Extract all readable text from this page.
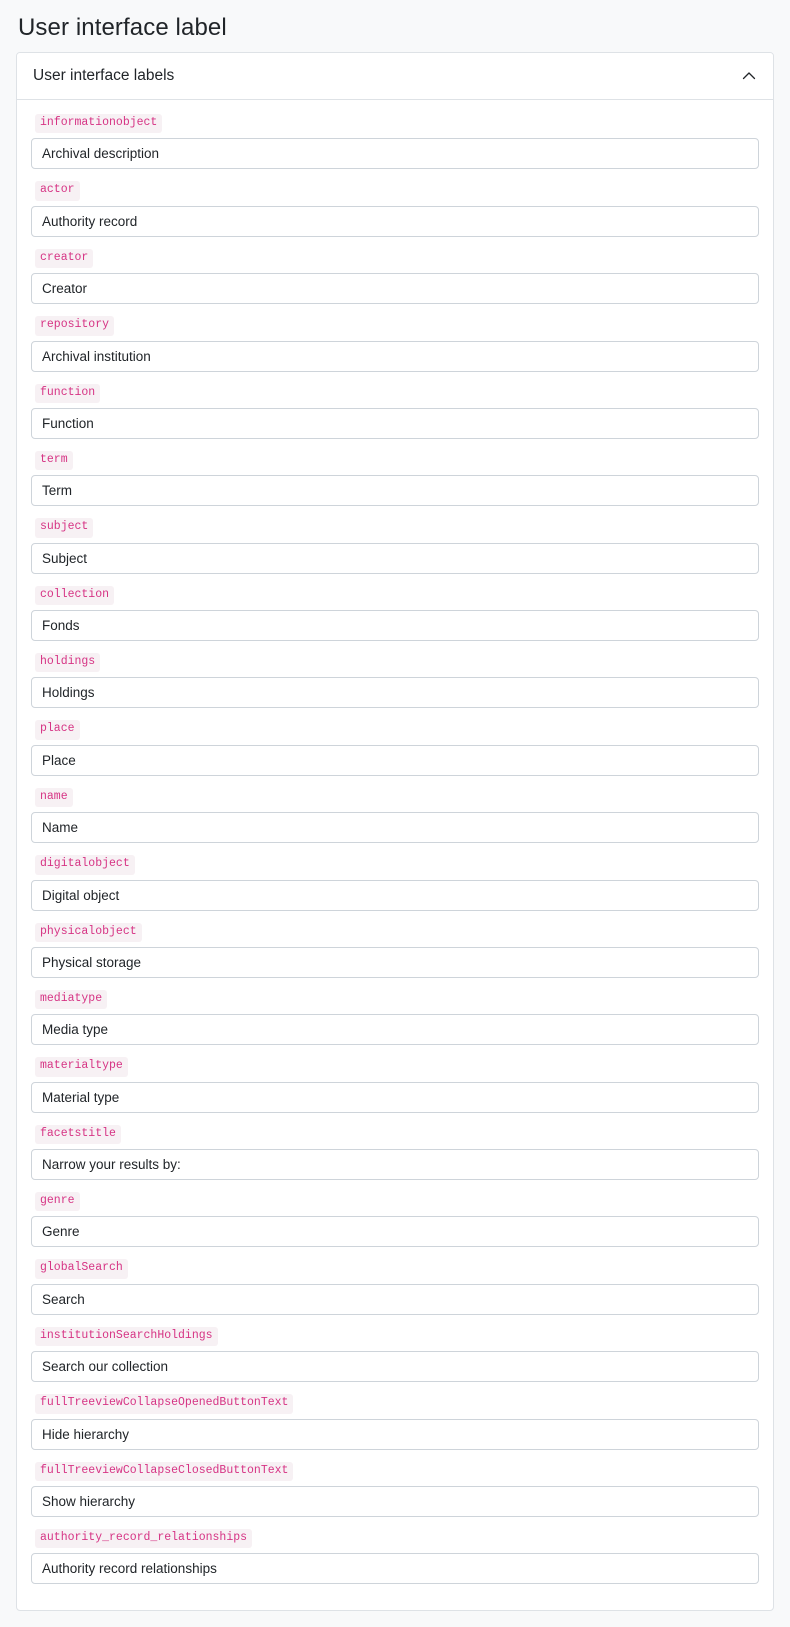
User interface label
User interface labels
informationobject
Archival description
actor
Authority record
creator
Creator
repository
Archival institution
function
Function
term
Term
subject
Subject
collection
Fonds
holdings
Holdings
place
Place
name
Name
digitalobject
Digital object
physicalobject
Physical storage
mediatype
Media type
materialtype
Material type
facetstitle
Narrow your results by:
genre
Genre
globalSearch
Search
institutionSearchHoldings
Search our collection
fullTreeviewCollapseOpenedButtonText
Hide hierarchy
fullTreeviewCollapseClosedButtonText
Show hierarchy
authority_record_relationships
Authority record relationships
